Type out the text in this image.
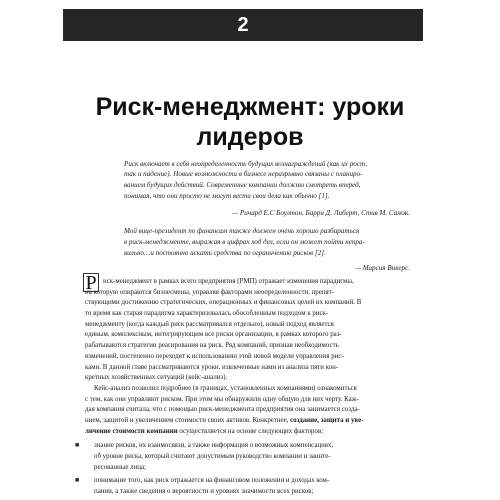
2
Риск-менеджмент: уроки
лидеров
Риск включает в себя неопределенность будущих вознаграждений (как их рост,
так и падение). Новые возможности в бизнесе неразрывно связаны с планиро-
ванием будущих действий. Современные компании должны смотреть вперед,
понимая, что они просто не могут вести свои дела как обычно [1].
— Ричард Е.С Боултон, Барри Д. Либерт, Стив М. Самэк.
Мой вице-президент по финансам также должен очень хорошо разбираться
в риск-менеджменте, выражая в цифрах ход дел, если он может пойти непра-
вильно…и постоянно искать средства по ограничению рисков [2].
— Марсия Викерс.
Р иск-менеджмент в рамках всего предприятия (РМП) отражает изменения парадигмы,
на которую опираются бизнесмены, управляя факторами неопределенности, препят-
ствующими достижению стратегических, операционных и финансовых целей их компаний. В
то время как старая парадигма характеризовалась обособленным подходом к риск-
менеджменту (когда каждый риск рассматривался отдельно), новый подход является
единым, комплексным, интегрирующим все риски организации, в рамках которого раз-
рабатываются стратегии реагирования на риск. Ряд компаний, признав необходимость
изменений, постепенно переходят к использованию этой новой модели управления рис-
ками. В данной главе рассматриваются уроки, извлеченные нами из анализа пяти кон-
кретных хозяйственных ситуаций (кейс-анализ).
Кейс-анализ позволил подробнее (в границах, установленных компаниями) ознакомиться
с тем, как они управляют риском. При этом мы обнаружили одну общую для них черту. Каж-
дая компания считала, что с помощью риск-менеджмента предприятия она занимается созда-
нием, защитой и увеличением стоимости своих активов. Конкретнее, создание, защита и уве-
личение стоимости компании осуществляется на основе следующих факторов:
■ знание рисков, их взаимосвязи, а также информация о возможных компенсациях,
об уровне риска, который считают допустимым руководство компании и заинте-
ресованные лица;
■ понимание того, как риск отражается на финансовом положении и доходах ком-
пании, а также сведения о вероятности и уровнях значимости всех рисков;
